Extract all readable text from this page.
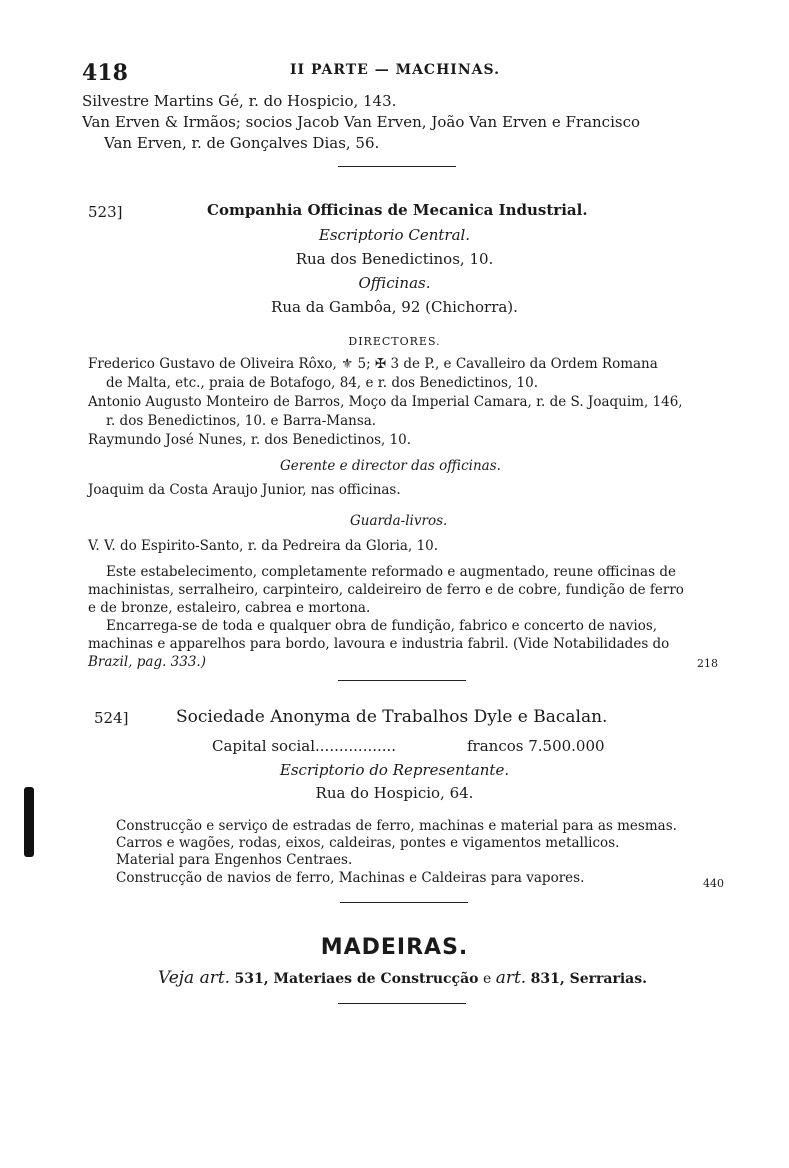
418	II PARTE — MACHINAS.
Silvestre Martins Gé, r. do Hospicio, 143.
Van Erven & Irmãos; socios Jacob Van Erven, João Van Erven e Francisco
Van Erven, r. de Gonçalves Dias, 56.
523]	Companhia Officinas de Mecanica Industrial.
Escriptorio Central.
Rua dos Benedictinos, 10.
Officinas.
Rua da Gambôa, 92 (Chichorra).
DIRECTORES.
Frederico Gustavo de Oliveira Rôxo, ⚜ 5; ✠ 3 de P., e Cavalleiro da Ordem Romana
de Malta, etc., praia de Botafogo, 84, e r. dos Benedictinos, 10.
Antonio Augusto Monteiro de Barros, Moço da Imperial Camara, r. de S. Joaquim, 146,
r. dos Benedictinos, 10. e Barra-Mansa.
Raymundo José Nunes, r. dos Benedictinos, 10.
Gerente e director das officinas.
Joaquim da Costa Araujo Junior, nas officinas.
Guarda-livros.
V. V. do Espirito-Santo, r. da Pedreira da Gloria, 10.
Este estabelecimento, completamente reformado e augmentado, reune officinas de
machinistas, serralheiro, carpinteiro, caldeireiro de ferro e de cobre, fundição de ferro
e de bronze, estaleiro, cabrea e mortona.
Encarrega-se de toda e qualquer obra de fundição, fabrico e concerto de navios,
machinas e apparelhos para bordo, lavoura e industria fabril. (Vide Notabilidades do
Brazil, pag. 333.)	218
524]	Sociedade Anonyma de Trabalhos Dyle e Bacalan.
Capital social.................	francos 7.500.000
Escriptorio do Representante.
Rua do Hospicio, 64.
Construcção e serviço de estradas de ferro, machinas e material para as mesmas.
Carros e wagões, rodas, eixos, caldeiras, pontes e vigamentos metallicos.
Material para Engenhos Centraes.
Construcção de navios de ferro, Machinas e Caldeiras para vapores.	440
MADEIRAS.
Veja art. 531, Materiaes de Construcção e art. 831, Serrarias.
